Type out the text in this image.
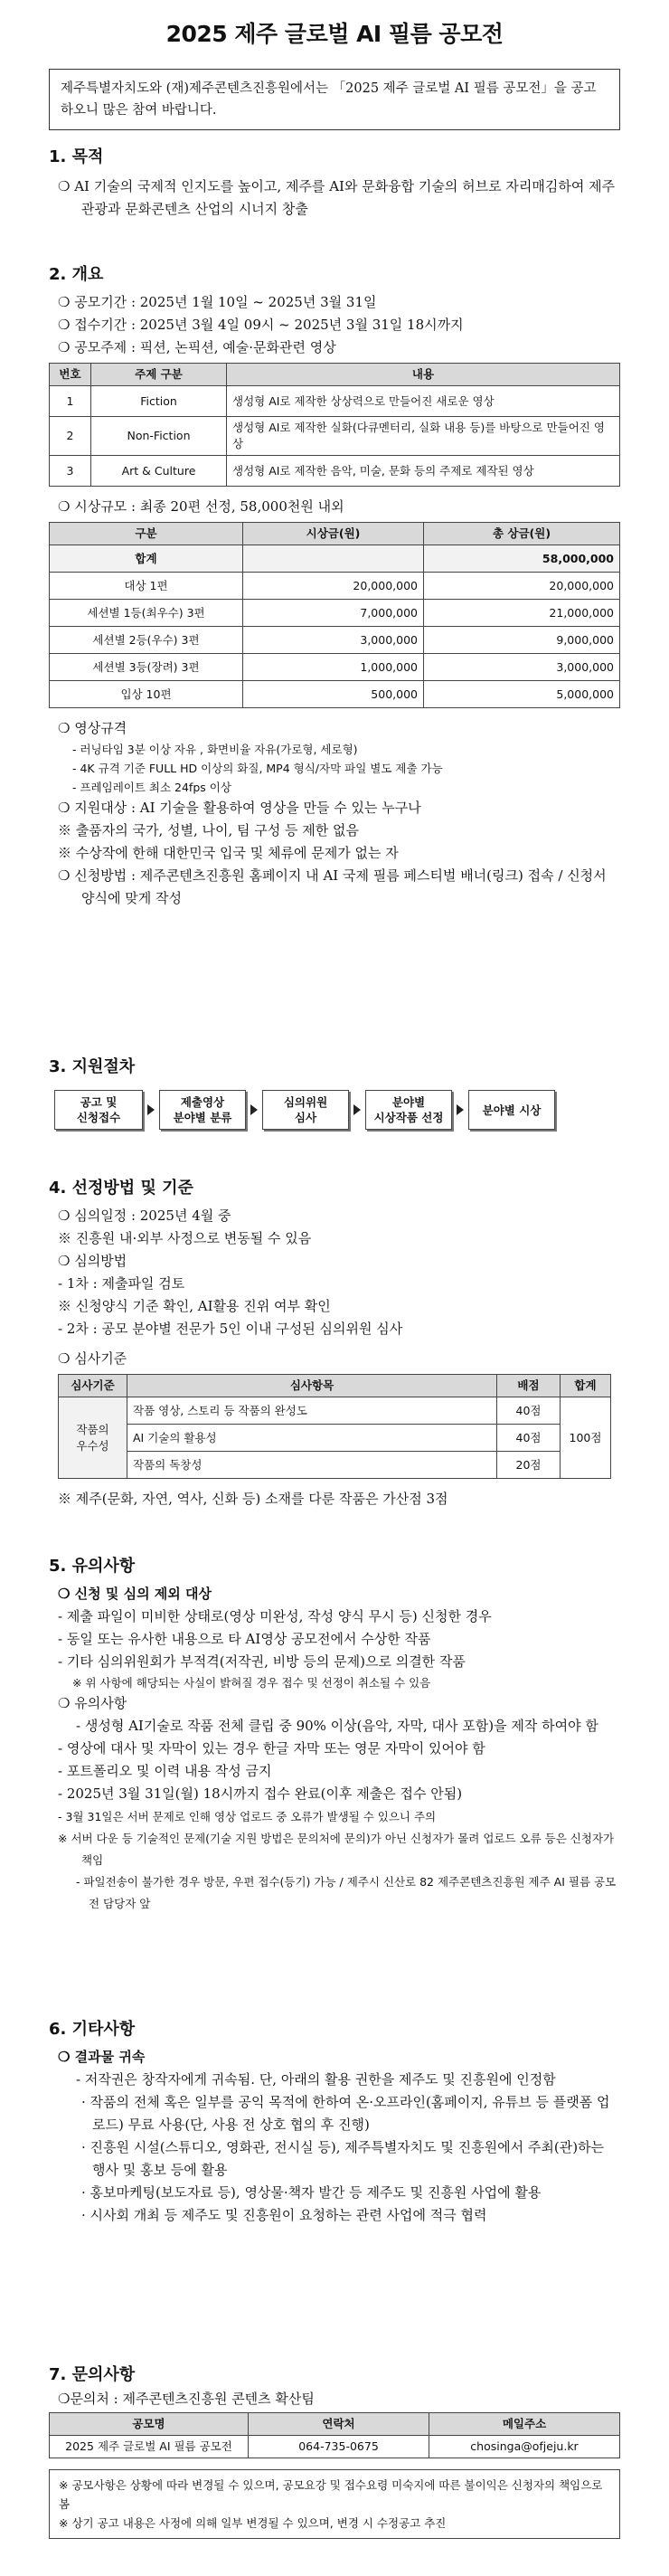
2025 제주 글로벌 AI 필름 공모전
제주특별자치도와 (재)제주콘텐츠진흥원에서는 「2025 제주 글로벌 AI 필름 공모전」을 공고하오니 많은 참여 바랍니다.
1. 목적
❍ AI 기술의 국제적 인지도를 높이고, 제주를 AI와 문화융합 기술의 허브로 자리매김하여 제주관광과 문화콘텐츠 산업의 시너지 창출
2. 개요
❍ 공모기간 : 2025년 1월 10일 ~ 2025년 3월 31일
❍ 접수기간 : 2025년 3월 4일 09시 ~ 2025년 3월 31일 18시까지
❍ 공모주제 : 픽션, 논픽션, 예술·문화관련 영상
번호	주제 구분	내용
1	Fiction	생성형 AI로 제작한 상상력으로 만들어진 새로운 영상
2	Non-Fiction	생성형 AI로 제작한 실화(다큐멘터리, 실화 내용 등)를 바탕으로 만들어진 영상
3	Art & Culture	생성형 AI로 제작한 음악, 미술, 문화 등의 주제로 제작된 영상
❍ 시상규모 : 최종 20편 선정, 58,000천원 내외
구분	시상금(원)	총 상금(원)
합계		58,000,000
대상 1편	20,000,000	20,000,000
세션별 1등(최우수) 3편	7,000,000	21,000,000
세션별 2등(우수) 3편	3,000,000	9,000,000
세션별 3등(장려) 3편	1,000,000	3,000,000
입상 10편	500,000	5,000,000
❍ 영상규격
- 러닝타임 3분 이상 자유 , 화면비율 자유(가로형, 세로형)
- 4K 규격 기준 FULL HD 이상의 화질, MP4 형식/자막 파일 별도 제출 가능
- 프레임레이트 최소 24fps 이상
❍ 지원대상 : AI 기술을 활용하여 영상을 만들 수 있는 누구나
※ 출품자의 국가, 성별, 나이, 팀 구성 등 제한 없음
※ 수상작에 한해 대한민국 입국 및 체류에 문제가 없는 자
❍ 신청방법 : 제주콘텐츠진흥원 홈페이지 내 AI 국제 필름 페스티벌 배너(링크) 접속 / 신청서 양식에 맞게 작성
3. 지원절차
공고 및
신청접수
제출영상
분야별 분류
심의위원
심사
분야별
시상작품 선정
분야별 시상
4. 선정방법 및 기준
❍ 심의일정 : 2025년 4월 중
※ 진흥원 내·외부 사정으로 변동될 수 있음
❍ 심의방법
- 1차 : 제출파일 검토
※ 신청양식 기준 확인, AI활용 진위 여부 확인
- 2차 : 공모 분야별 전문가 5인 이내 구성된 심의위원 심사
❍ 심사기준
심사기준	심사항목	배점	합계
작품의
우수성	작품 영상, 스토리 등 작품의 완성도	40점	100점
	AI 기술의 활용성	40점	
	작품의 독창성	20점	
※ 제주(문화, 자연, 역사, 신화 등) 소재를 다룬 작품은 가산점 3점
5. 유의사항
❍ 신청 및 심의 제외 대상
- 제출 파일이 미비한 상태로(영상 미완성, 작성 양식 무시 등) 신청한 경우
- 동일 또는 유사한 내용으로 타 AI영상 공모전에서 수상한 작품
- 기타 심의위원회가 부적격(저작권, 비방 등의 문제)으로 의결한 작품
※ 위 사항에 해당되는 사실이 밝혀질 경우 접수 및 선정이 취소될 수 있음
❍ 유의사항
- 생성형 AI기술로 작품 전체 클립 중 90% 이상(음악, 자막, 대사 포함)을 제작 하여야 함
- 영상에 대사 및 자막이 있는 경우 한글 자막 또는 영문 자막이 있어야 함
- 포트폴리오 및 이력 내용 작성 금지
- 2025년 3월 31일(월) 18시까지 접수 완료(이후 제출은 접수 안됨)
- 3월 31일은 서버 문제로 인해 영상 업로드 중 오류가 발생될 수 있으니 주의
※ 서버 다운 등 기술적인 문제(기술 지원 방법은 문의처에 문의)가 아닌 신청자가 몰려 업로드 오류 등은 신청자가 책임
- 파일전송이 불가한 경우 방문, 우편 접수(등기) 가능 / 제주시 신산로 82 제주콘텐츠진흥원 제주 AI 필름 공모전 담당자 앞
6. 기타사항
❍ 결과물 귀속
- 저작권은 창작자에게 귀속됨. 단, 아래의 활용 권한을 제주도 및 진흥원에 인정함
· 작품의 전체 혹은 일부를 공익 목적에 한하여 온·오프라인(홈페이지, 유튜브 등 플랫폼 업로드) 무료 사용(단, 사용 전 상호 협의 후 진행)
· 진흥원 시설(스튜디오, 영화관, 전시실 등), 제주특별자치도 및 진흥원에서 주최(관)하는 행사 및 홍보 등에 활용
· 홍보마케팅(보도자료 등), 영상물·책자 발간 등 제주도 및 진흥원 사업에 활용
· 시사회 개최 등 제주도 및 진흥원이 요청하는 관련 사업에 적극 협력
7. 문의사항
❍문의처 : 제주콘텐츠진흥원 콘텐츠 확산팀
공모명	연락처	메일주소
2025 제주 글로벌 AI 필름 공모전	064-735-0675	chosinga@ofjeju.kr
※ 공모사항은 상황에 따라 변경될 수 있으며, 공모요강 및 접수요령 미숙지에 따른 불이익은 신청자의 책임으로 봄
※ 상기 공고 내용은 사정에 의해 일부 변경될 수 있으며, 변경 시 수정공고 추진
